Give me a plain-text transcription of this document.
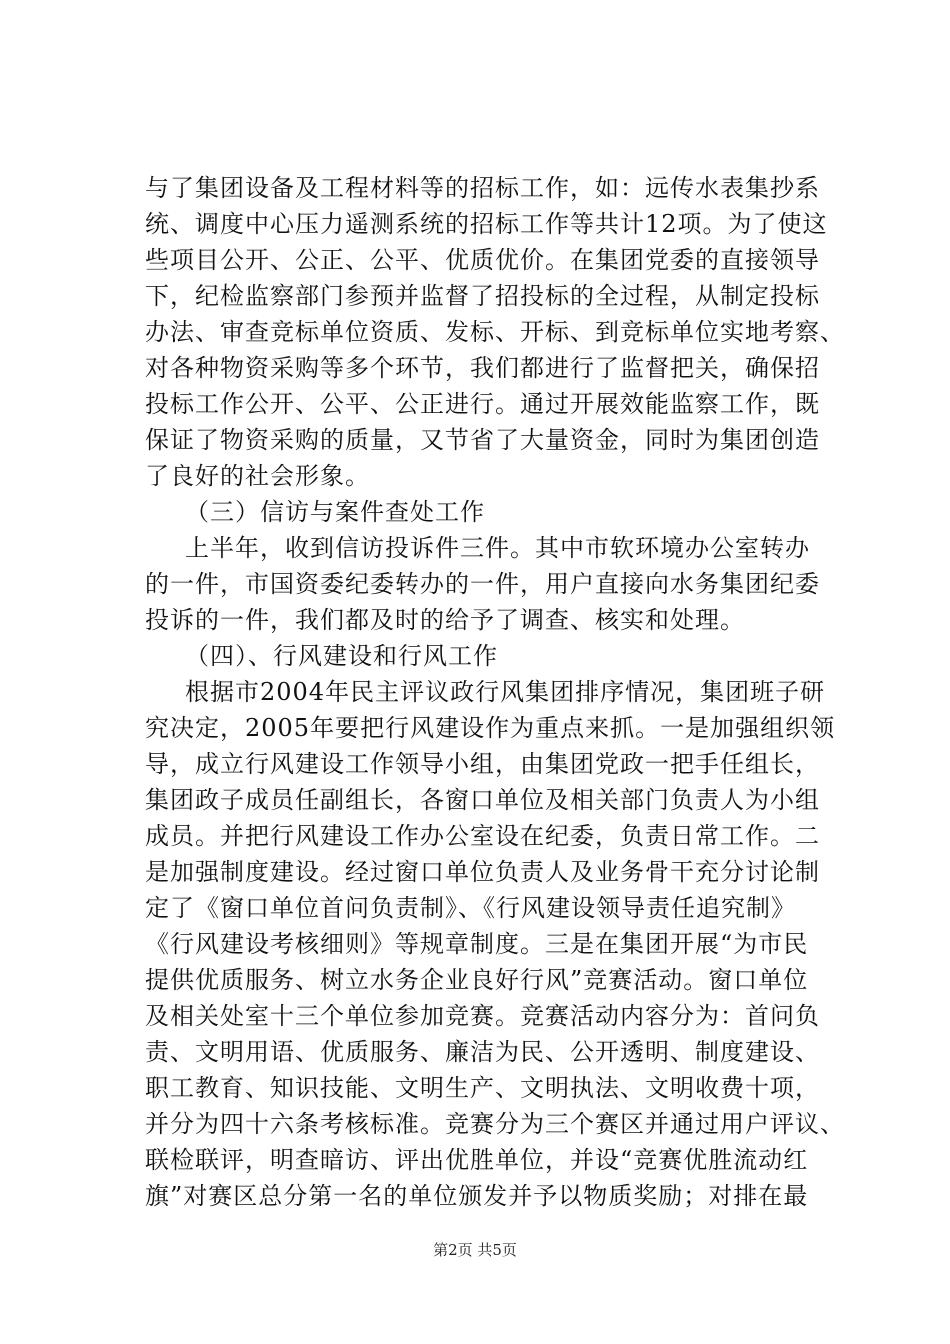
与了集团设备及工程材料等的招标工作，如：远传水表集抄系
统、调度中心压力遥测系统的招标工作等共计12项。为了使这
些项目公开、公正、公平、优质优价。在集团党委的直接领导
下，纪检监察部门参预并监督了招投标的全过程，从制定投标
办法、审查竞标单位资质、发标、开标、到竞标单位实地考察、
对各种物资采购等多个环节，我们都进行了监督把关，确保招
投标工作公开、公平、公正进行。通过开展效能监察工作，既
保证了物资采购的质量，又节省了大量资金，同时为集团创造
了良好的社会形象。
（三）信访与案件查处工作
上半年，收到信访投诉件三件。其中市软环境办公室转办
的一件，市国资委纪委转办的一件，用户直接向水务集团纪委
投诉的一件，我们都及时的给予了调查、核实和处理。
（四）、行风建设和行风工作
根据市2004年民主评议政行风集团排序情况，集团班子研
究决定，2005年要把行风建设作为重点来抓。一是加强组织领
导，成立行风建设工作领导小组，由集团党政一把手任组长，
集团政子成员任副组长，各窗口单位及相关部门负责人为小组
成员。并把行风建设工作办公室设在纪委，负责日常工作。二
是加强制度建设。经过窗口单位负责人及业务骨干充分讨论制
定了《窗口单位首问负责制》、《行风建设领导责任追究制》
《行风建设考核细则》等规章制度。三是在集团开展“为市民
提供优质服务、树立水务企业良好行风”竞赛活动。窗口单位
及相关处室十三个单位参加竞赛。竞赛活动内容分为：首问负
责、文明用语、优质服务、廉洁为民、公开透明、制度建设、
职工教育、知识技能、文明生产、文明执法、文明收费十项，
并分为四十六条考核标准。竞赛分为三个赛区并通过用户评议、
联检联评，明查暗访、评出优胜单位，并设“竞赛优胜流动红
旗”对赛区总分第一名的单位颁发并予以物质奖励；对排在最
第2页 共5页
